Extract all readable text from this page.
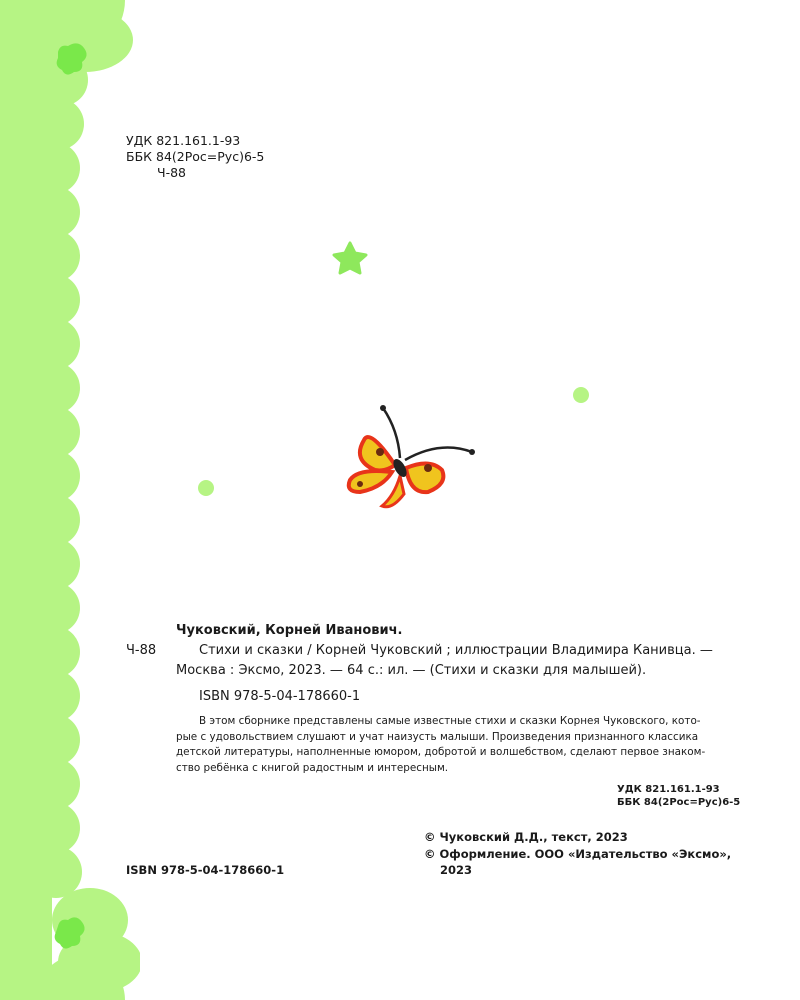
УДК 821.161.1-93
ББК 84(2Рос=Рус)6-5
Ч-88
Чуковский, Корней Иванович.
Ч-88	Стихи и сказки / Корней Чуковский ; иллюстрации Владимира Канивца. —
Москва : Эксмо, 2023. — 64 с.: ил. — (Стихи и сказки для малышей).
ISBN 978-5-04-178660-1

В этом сборнике представлены самые известные стихи и сказки Корнея Чуковского, кото-

рые с удовольствием слушают и учат наизусть малыши. Произведения признанного классика

детской литературы, наполненные юмором, добротой и волшебством, сделают первое знаком-

ство ребёнка с книгой радостным и интересным.

УДК 821.161.1-93
ББК 84(2Рос=Рус)6-5
© Чуковский Д.Д., текст, 2023
© Оформление. ООО «Издательство «Эксмо»,
2023
ISBN 978-5-04-178660-1
